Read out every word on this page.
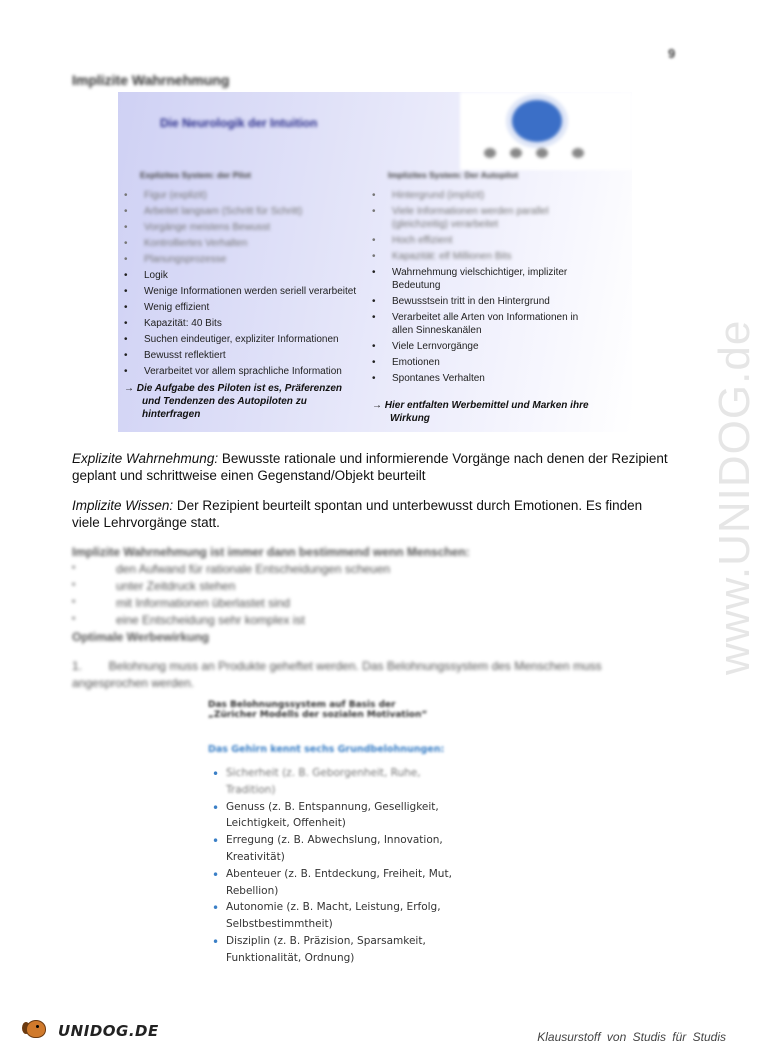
9
www.UNIDOG.de
Implizite Wahrnehmung
Die Neurologik der Intuition
Explizites System: der Pilot
• Figur (explizit)
• Arbeitet langsam (Schritt für Schritt)
• Vorgänge meistens Bewusst
• Kontrolliertes Verhalten
• Planungsprozesse
• Logik
• Wenige Informationen werden seriell verarbeitet
• Wenig effizient
• Kapazität: 40 Bits
• Suchen eindeutiger, expliziter Informationen
• Bewusst reflektiert
• Verarbeitet vor allem sprachliche Information
→ Die Aufgabe des Piloten ist es, Präferenzen und Tendenzen des Autopiloten zu hinterfragen
Implizites System: Der Autopilot
• Hintergrund (implizit)
• Viele Informationen werden parallel (gleichzeitig) verarbeitet
• Hoch effizient
• Kapazität: elf Millionen Bits
• Wahrnehmung vielschichtiger, impliziter Bedeutung
• Bewusstsein tritt in den Hintergrund
• Verarbeitet alle Arten von Informationen in allen Sinneskanälen
• Viele Lernvorgänge
• Emotionen
• Spontanes Verhalten
→ Hier entfalten Werbemittel und Marken ihre Wirkung

Explizite Wahrnehmung: Bewusste rationale und informierende Vorgänge nach denen der Rezipient geplant und schrittweise einen Gegenstand/Objekt beurteilt

Implizite Wissen: Der Rezipient beurteilt spontan und unterbewusst durch Emotionen. Es finden viele Lehrvorgänge statt.

Implizite Wahrnehmung ist immer dann bestimmend wenn Menschen:
▪ den Aufwand für rationale Entscheidungen scheuen
▪ unter Zeitdruck stehen
▪ mit Informationen überlastet sind
▪ eine Entscheidung sehr komplex ist
Optimale Werbewirkung
1.        Belohnung muss an Produkte geheftet werden. Das Belohnungssystem des Menschen muss angesprochen werden.
Das Belohnungssystem auf Basis der
„Züricher Modells der sozialen Motivation“
Das Gehirn kennt sechs Grundbelohnungen:
• Sicherheit (z. B. Geborgenheit, Ruhe,
Tradition)
• Genuss (z. B. Entspannung, Geselligkeit, Leichtigkeit, Offenheit)
• Erregung (z. B. Abwechslung, Innovation, Kreativität)
• Abenteuer (z. B. Entdeckung, Freiheit, Mut, Rebellion)
• Autonomie (z. B. Macht, Leistung, Erfolg, Selbstbestimmtheit)
• Disziplin (z. B. Präzision, Sparsamkeit, Funktionalität, Ordnung)
UNIDOG.DE	Klausurstoff von Studis für Studis
